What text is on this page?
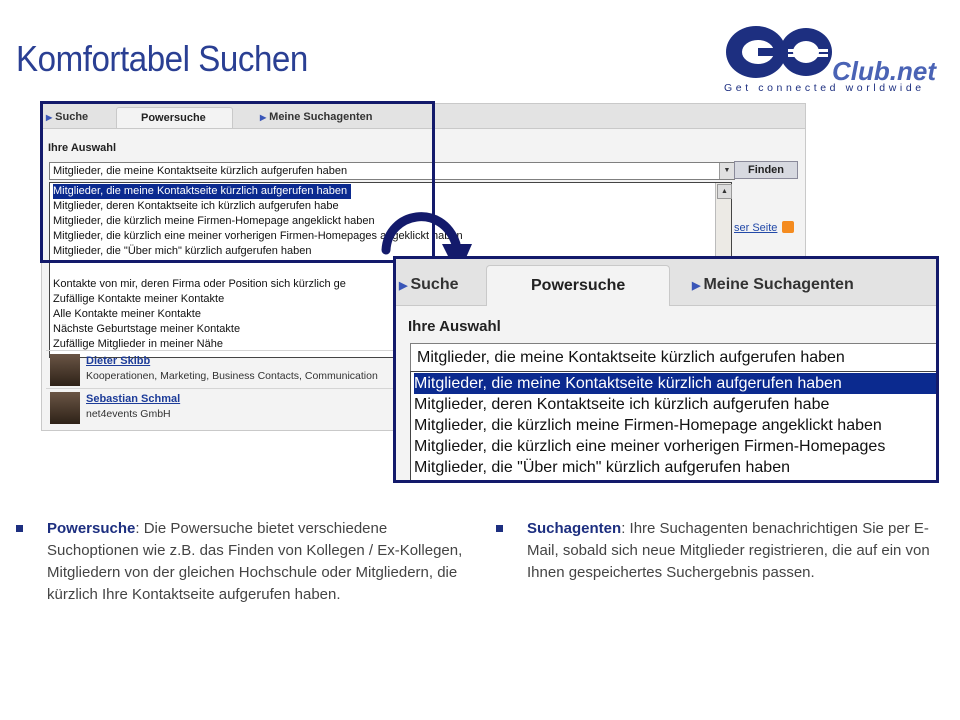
Komfortabel Suchen	Club.net
Get connected worldwide
▶ Suche	Powersuche	▶ Meine Suchagenten
Ihre Auswahl
Mitglieder, die meine Kontaktseite kürzlich aufgerufen haben	▼	Finden
ser Seite
Mitglieder, die meine Kontaktseite kürzlich aufgerufen haben
Mitglieder, deren Kontaktseite ich kürzlich aufgerufen habe
Mitglieder, die kürzlich meine Firmen-Homepage angeklickt haben
Mitglieder, die kürzlich eine meiner vorherigen Firmen-Homepages angeklickt haben
Mitglieder, die "Über mich" kürzlich aufgerufen haben
Kontakte von mir, deren Firma oder Position sich kürzlich ge
Zufällige Kontakte meiner Kontakte
Alle Kontakte meiner Kontakte
Nächste Geburtstage meiner Kontakte
Zufällige Mitglieder in meiner Nähe
▲
Dieter Skibb
Kooperationen, Marketing, Business Contacts, Communication
Sebastian Schmal
net4events GmbH
▶ Suche	Powersuche	▶ Meine Suchagenten
Ihre Auswahl
Mitglieder, die meine Kontaktseite kürzlich aufgerufen haben
Mitglieder, die meine Kontaktseite kürzlich aufgerufen haben
Mitglieder, deren Kontaktseite ich kürzlich aufgerufen habe
Mitglieder, die kürzlich meine Firmen-Homepage angeklickt haben
Mitglieder, die kürzlich eine meiner vorherigen Firmen-Homepages
Mitglieder, die "Über mich" kürzlich aufgerufen haben
Powersuche: Die Powersuche bietet verschiedene Suchoptionen wie z.B. das Finden von Kollegen / Ex-Kollegen, Mitgliedern von der gleichen Hochschule oder Mitgliedern, die kürzlich Ihre Kontaktseite aufgerufen haben.
Suchagenten: Ihre Suchagenten benachrichtigen Sie per E-Mail, sobald sich neue Mitglieder registrieren, die auf ein von Ihnen gespeichertes Suchergebnis passen.
